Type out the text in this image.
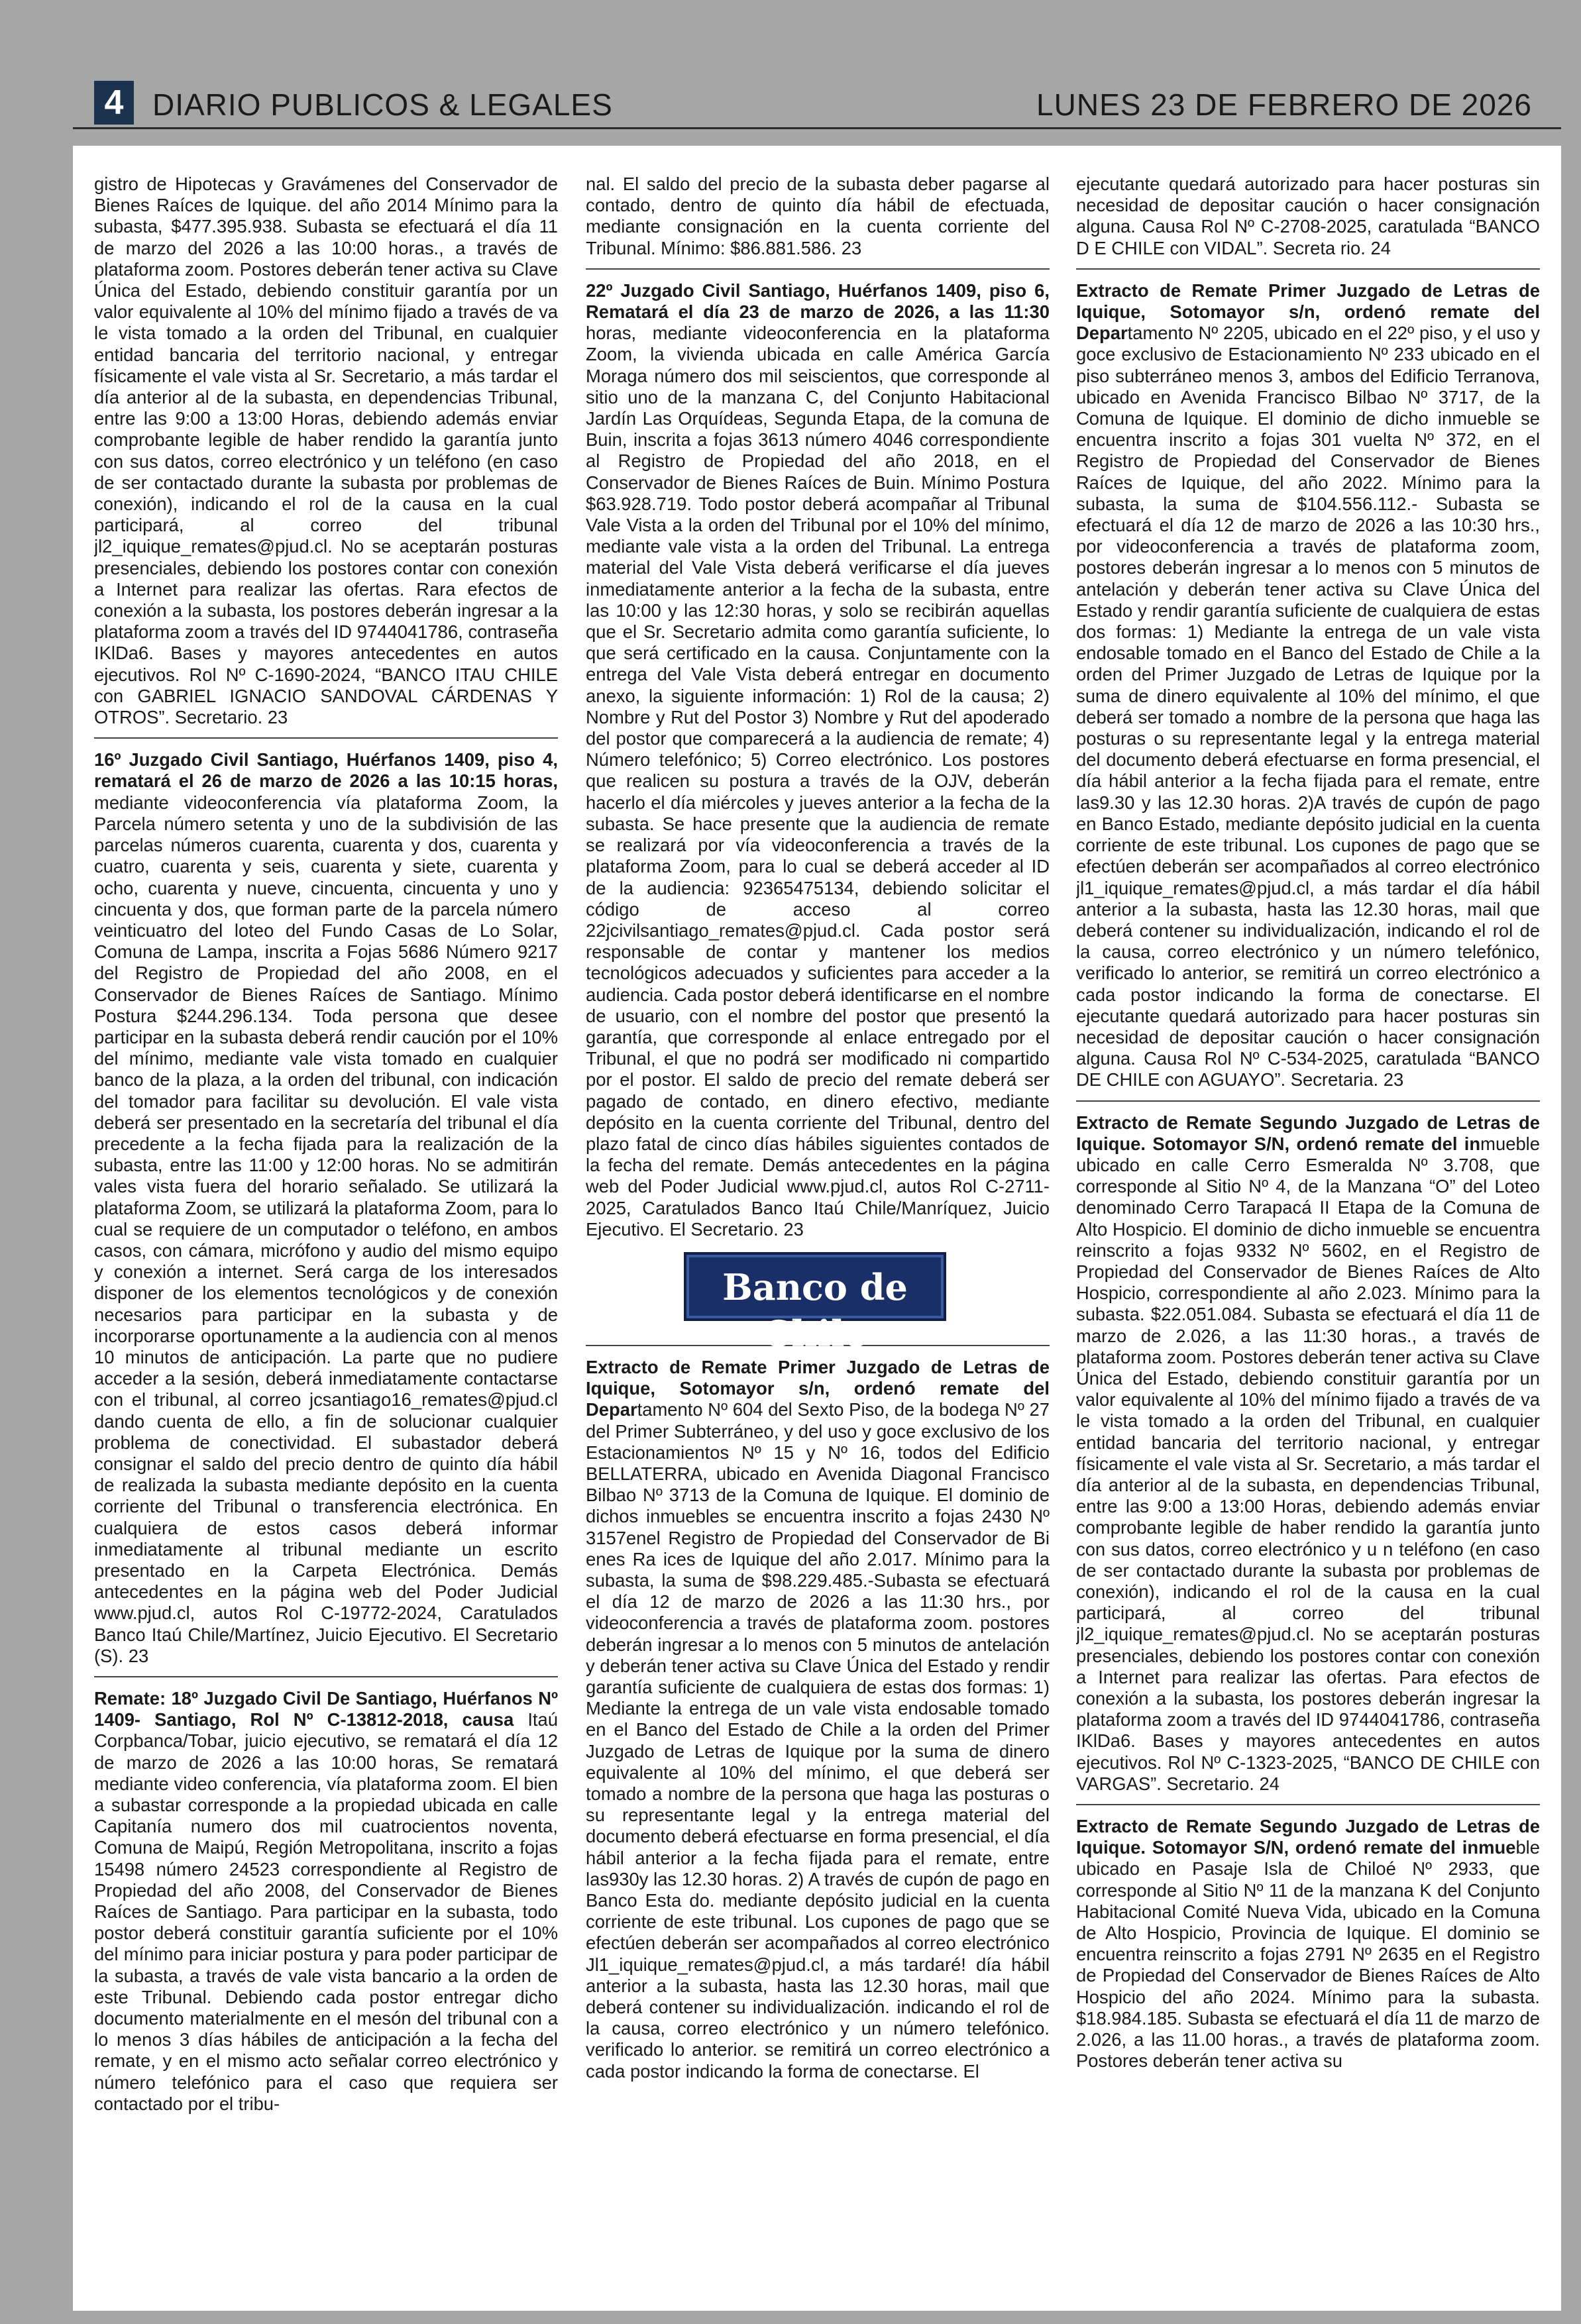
4 DIARIO PUBLICOS & LEGALES	LUNES 23 DE FEBRERO DE 2026

gistro de Hipotecas y Gravámenes del Conservador de Bienes Raíces de Iquique. del año 2014 Mínimo para la subasta, $477.395.938. Subasta se efectuará el día 11 de marzo del 2026 a las 10:00 horas., a través de plataforma zoom. Postores deberán tener activa su Clave Única del Estado, debiendo constituir garantía por un valor equivalente al 10% del mínimo fijado a través de va le vista tomado a la orden del Tribunal, en cualquier entidad bancaria del territorio nacional, y entregar físicamente el vale vista al Sr. Secretario, a más tardar el día anterior al de la subasta, en dependencias Tribunal, entre las 9:00 a 13:00 Horas, debiendo además enviar comprobante legible de haber rendido la garantía junto con sus datos, correo electrónico y un teléfono (en caso de ser contactado durante la subasta por problemas de conexión), indicando el rol de la causa en la cual participará, al correo del tribunal jl2_iquique_remates@pjud.cl. No se aceptarán posturas presenciales, debiendo los postores contar con conexión a Internet para realizar las ofertas. Rara efectos de conexión a la subasta, los postores deberán ingresar a la plataforma zoom a través del ID 9744041786, contraseña IKlDa6. Bases y mayores antecedentes en autos ejecutivos. Rol Nº C-1690-2024, “BANCO ITAU CHILE con GABRIEL IGNACIO SANDOVAL CÁRDENAS Y OTROS”. Secretario. 23

16º Juzgado Civil Santiago, Huérfanos 1409, piso 4, rematará el 26 de marzo de 2026 a las 10:15 horas, mediante videoconferencia vía plataforma Zoom, la Parcela número setenta y uno de la subdivisión de las parcelas números cuarenta, cuarenta y dos, cuarenta y cuatro, cuarenta y seis, cuarenta y siete, cuarenta y ocho, cuarenta y nueve, cincuenta, cincuenta y uno y cincuenta y dos, que forman parte de la parcela número veinticuatro del loteo del Fundo Casas de Lo Solar, Comuna de Lampa, inscrita a Fojas 5686 Número 9217 del Registro de Propiedad del año 2008, en el Conservador de Bienes Raíces de Santiago. Mínimo Postura $244.296.134. Toda persona que desee participar en la subasta deberá rendir caución por el 10% del mínimo, mediante vale vista tomado en cualquier banco de la plaza, a la orden del tribunal, con indicación del tomador para facilitar su devolución. El vale vista deberá ser presentado en la secretaría del tribunal el día precedente a la fecha fijada para la realización de la subasta, entre las 11:00 y 12:00 horas. No se admitirán vales vista fuera del horario señalado. Se utilizará la plataforma Zoom, se utilizará la plataforma Zoom, para lo cual se requiere de un computador o teléfono, en ambos casos, con cámara, micrófono y audio del mismo equipo y conexión a internet. Será carga de los interesados disponer de los elementos tecnológicos y de conexión necesarios para participar en la subasta y de incorporarse oportunamente a la audiencia con al menos 10 minutos de anticipación. La parte que no pudiere acceder a la sesión, deberá inmediatamente contactarse con el tribunal, al correo jcsantiago16_remates@pjud.cl dando cuenta de ello, a fin de solucionar cualquier problema de conectividad. El subastador deberá consignar el saldo del precio dentro de quinto día hábil de realizada la subasta mediante depósito en la cuenta corriente del Tribunal o transferencia electrónica. En cualquiera de estos casos deberá informar inmediatamente al tribunal mediante un escrito presentado en la Carpeta Electrónica. Demás antecedentes en la página web del Poder Judicial www.pjud.cl, autos Rol C-19772-2024, Caratulados Banco Itaú Chile/Martínez, Juicio Ejecutivo. El Secretario (S). 23

Remate: 18º Juzgado Civil De Santiago, Huérfanos Nº 1409- Santiago, Rol Nº C-13812-2018, causa Itaú Corpbanca/Tobar, juicio ejecutivo, se rematará el día 12 de marzo de 2026 a las 10:00 horas, Se rematará mediante video conferencia, vía plataforma zoom. El bien a subastar corresponde a la propiedad ubicada en calle Capitanía numero dos mil cuatrocientos noventa, Comuna de Maipú, Región Metropolitana, inscrito a fojas 15498 número 24523 correspondiente al Registro de Propiedad del año 2008, del Conservador de Bienes Raíces de Santiago. Para participar en la subasta, todo postor deberá constituir garantía suficiente por el 10% del mínimo para iniciar postura y para poder participar de la subasta, a través de vale vista bancario a la orden de este Tribunal. Debiendo cada postor entregar dicho documento materialmente en el mesón del tribunal con a lo menos 3 días hábiles de anticipación a la fecha del remate, y en el mismo acto señalar correo electrónico y número telefónico para el caso que requiera ser contactado por el tribu-

nal. El saldo del precio de la subasta deber pagarse al contado, dentro de quinto día hábil de efectuada, mediante consignación en la cuenta corriente del Tribunal. Mínimo: $86.881.586. 23

22º Juzgado Civil Santiago, Huérfanos 1409, piso 6, Rematará el día 23 de marzo de 2026, a las 11:30 horas, mediante videoconferencia en la plataforma Zoom, la vivienda ubicada en calle América García Moraga número dos mil seiscientos, que corresponde al sitio uno de la manzana C, del Conjunto Habitacional Jardín Las Orquídeas, Segunda Etapa, de la comuna de Buin, inscrita a fojas 3613 número 4046 correspondiente al Registro de Propiedad del año 2018, en el Conservador de Bienes Raíces de Buin. Mínimo Postura $63.928.719. Todo postor deberá acompañar al Tribunal Vale Vista a la orden del Tribunal por el 10% del mínimo, mediante vale vista a la orden del Tribunal. La entrega material del Vale Vista deberá verificarse el día jueves inmediatamente anterior a la fecha de la subasta, entre las 10:00 y las 12:30 horas, y solo se recibirán aquellas que el Sr. Secretario admita como garantía suficiente, lo que será certificado en la causa. Conjuntamente con la entrega del Vale Vista deberá entregar en documento anexo, la siguiente información: 1) Rol de la causa; 2) Nombre y Rut del Postor 3) Nombre y Rut del apoderado del postor que comparecerá a la audiencia de remate; 4) Número telefónico; 5) Correo electrónico. Los postores que realicen su postura a través de la OJV, deberán hacerlo el día miércoles y jueves anterior a la fecha de la subasta. Se hace presente que la audiencia de remate se realizará por vía videoconferencia a través de la plataforma Zoom, para lo cual se deberá acceder al ID de la audiencia: 92365475134, debiendo solicitar el código de acceso al correo 22jcivilsantiago_remates@pjud.cl. Cada postor será responsable de contar y mantener los medios tecnológicos adecuados y suficientes para acceder a la audiencia. Cada postor deberá identificarse en el nombre de usuario, con el nombre del postor que presentó la garantía, que corresponde al enlace entregado por el Tribunal, el que no podrá ser modificado ni compartido por el postor. El saldo de precio del remate deberá ser pagado de contado, en dinero efectivo, mediante depósito en la cuenta corriente del Tribunal, dentro del plazo fatal de cinco días hábiles siguientes contados de la fecha del remate. Demás antecedentes en la página web del Poder Judicial www.pjud.cl, autos Rol C-2711-2025, Caratulados Banco Itaú Chile/Manríquez, Juicio Ejecutivo. El Secretario. 23

Banco de Chile

Extracto de Remate Primer Juzgado de Letras de Iquique, Sotomayor s/n, ordenó remate del Departamento Nº 604 del Sexto Piso, de la bodega Nº 27 del Primer Subterráneo, y del uso y goce exclusivo de los Estacionamientos Nº 15 y Nº 16, todos del Edificio BELLATERRA, ubicado en Avenida Diagonal Francisco Bilbao Nº 3713 de la Comuna de Iquique. El dominio de dichos inmuebles se encuentra inscrito a fojas 2430 Nº 3157enel Registro de Propiedad del Conservador de Bi enes Ra ices de Iquique del año 2.017. Mínimo para la subasta, la suma de $98.229.485.-Subasta se efectuará el día 12 de marzo de 2026 a las 11:30 hrs., por videoconferencia a través de plataforma zoom. postores deberán ingresar a lo menos con 5 minutos de antelación y deberán tener activa su Clave Única del Estado y rendir garantía suficiente de cualquiera de estas dos formas: 1) Mediante la entrega de un vale vista endosable tomado en el Banco del Estado de Chile a la orden del Primer Juzgado de Letras de Iquique por la suma de dinero equivalente al 10% del mínimo, el que deberá ser tomado a nombre de la persona que haga las posturas o su representante legal y la entrega material del documento deberá efectuarse en forma presencial, el día hábil anterior a la fecha fijada para el remate, entre las930y las 12.30 horas. 2) A través de cupón de pago en Banco Esta do. mediante depósito judicial en la cuenta corriente de este tribunal. Los cupones de pago que se efectúen deberán ser acompañados al correo electrónico Jl1_iquique_remates@pjud.cl, a más tardaré! día hábil anterior a la subasta, hasta las 12.30 horas, mail que deberá contener su individualización. indicando el rol de la causa, correo electrónico y un número telefónico. verificado lo anterior. se remitirá un correo electrónico a cada postor indicando la forma de conectarse. El

ejecutante quedará autorizado para hacer posturas sin necesidad de depositar caución o hacer consignación alguna. Causa Rol Nº C-2708-2025, caratulada “BANCO D E CHILE con VIDAL”. Secreta rio. 24

Extracto de Remate Primer Juzgado de Letras de Iquique, Sotomayor s/n, ordenó remate del Departamento Nº 2205, ubicado en el 22º piso, y el uso y goce exclusivo de Estacionamiento Nº 233 ubicado en el piso subterráneo menos 3, ambos del Edificio Terranova, ubicado en Avenida Francisco Bilbao Nº 3717, de la Comuna de Iquique. El dominio de dicho inmueble se encuentra inscrito a fojas 301 vuelta Nº 372, en el Registro de Propiedad del Conservador de Bienes Raíces de Iquique, del año 2022. Mínimo para la subasta, la suma de $104.556.112.- Subasta se efectuará el día 12 de marzo de 2026 a las 10:30 hrs., por videoconferencia a través de plataforma zoom, postores deberán ingresar a lo menos con 5 minutos de antelación y deberán tener activa su Clave Única del Estado y rendir garantía suficiente de cualquiera de estas dos formas: 1) Mediante la entrega de un vale vista endosable tomado en el Banco del Estado de Chile a la orden del Primer Juzgado de Letras de Iquique por la suma de dinero equivalente al 10% del mínimo, el que deberá ser tomado a nombre de la persona que haga las posturas o su representante legal y la entrega material del documento deberá efectuarse en forma presencial, el día hábil anterior a la fecha fijada para el remate, entre las9.30 y las 12.30 horas. 2)A través de cupón de pago en Banco Estado, mediante depósito judicial en la cuenta corriente de este tribunal. Los cupones de pago que se efectúen deberán ser acompañados al correo electrónico jl1_iquique_remates@pjud.cl, a más tardar el día hábil anterior a la subasta, hasta las 12.30 horas, mail que deberá contener su individualización, indicando el rol de la causa, correo electrónico y un número telefónico, verificado lo anterior, se remitirá un correo electrónico a cada postor indicando la forma de conectarse. El ejecutante quedará autorizado para hacer posturas sin necesidad de depositar caución o hacer consignación alguna. Causa Rol Nº C-534-2025, caratulada “BANCO DE CHILE con AGUAYO”. Secretaria. 23

Extracto de Remate Segundo Juzgado de Letras de Iquique. Sotomayor S/N, ordenó remate del inmueble ubicado en calle Cerro Esmeralda Nº 3.708, que corresponde al Sitio Nº 4, de la Manzana “O” del Loteo denominado Cerro Tarapacá II Etapa de la Comuna de Alto Hospicio. El dominio de dicho inmueble se encuentra reinscrito a fojas 9332 Nº 5602, en el Registro de Propiedad del Conservador de Bienes Raíces de Alto Hospicio, correspondiente al año 2.023. Mínimo para la subasta. $22.051.084. Subasta se efectuará el día 11 de marzo de 2.026, a las 11:30 horas., a través de plataforma zoom. Postores deberán tener activa su Clave Única del Estado, debiendo constituir garantía por un valor equivalente al 10% del mínimo fijado a través de va le vista tomado a la orden del Tribunal, en cualquier entidad bancaria del territorio nacional, y entregar físicamente el vale vista al Sr. Secretario, a más tardar el día anterior al de la subasta, en dependencias Tribunal, entre las 9:00 a 13:00 Horas, debiendo además enviar comprobante legible de haber rendido la garantía junto con sus datos, correo electrónico y u n teléfono (en caso de ser contactado durante la subasta por problemas de conexión), indicando el rol de la causa en la cual participará, al correo del tribunal jl2_iquique_remates@pjud.cl. No se aceptarán posturas presenciales, debiendo los postores contar con conexión a Internet para realizar las ofertas. Para efectos de conexión a la subasta, los postores deberán ingresar la plataforma zoom a través del ID 9744041786, contraseña IKlDa6. Bases y mayores antecedentes en autos ejecutivos. Rol Nº C-1323-2025, “BANCO DE CHILE con VARGAS”. Secretario. 24

Extracto de Remate Segundo Juzgado de Letras de Iquique. Sotomayor S/N, ordenó remate del inmueble ubicado en Pasaje Isla de Chiloé Nº 2933, que corresponde al Sitio Nº 11 de la manzana K del Conjunto Habitacional Comité Nueva Vida, ubicado en la Comuna de Alto Hospicio, Provincia de Iquique. El dominio se encuentra reinscrito a fojas 2791 Nº 2635 en el Registro de Propiedad del Conservador de Bienes Raíces de Alto Hospicio del año 2024. Mínimo para la subasta. $18.984.185. Subasta se efectuará el día 11 de marzo de 2.026, a las 11.00 horas., a través de plataforma zoom. Postores deberán tener activa su
